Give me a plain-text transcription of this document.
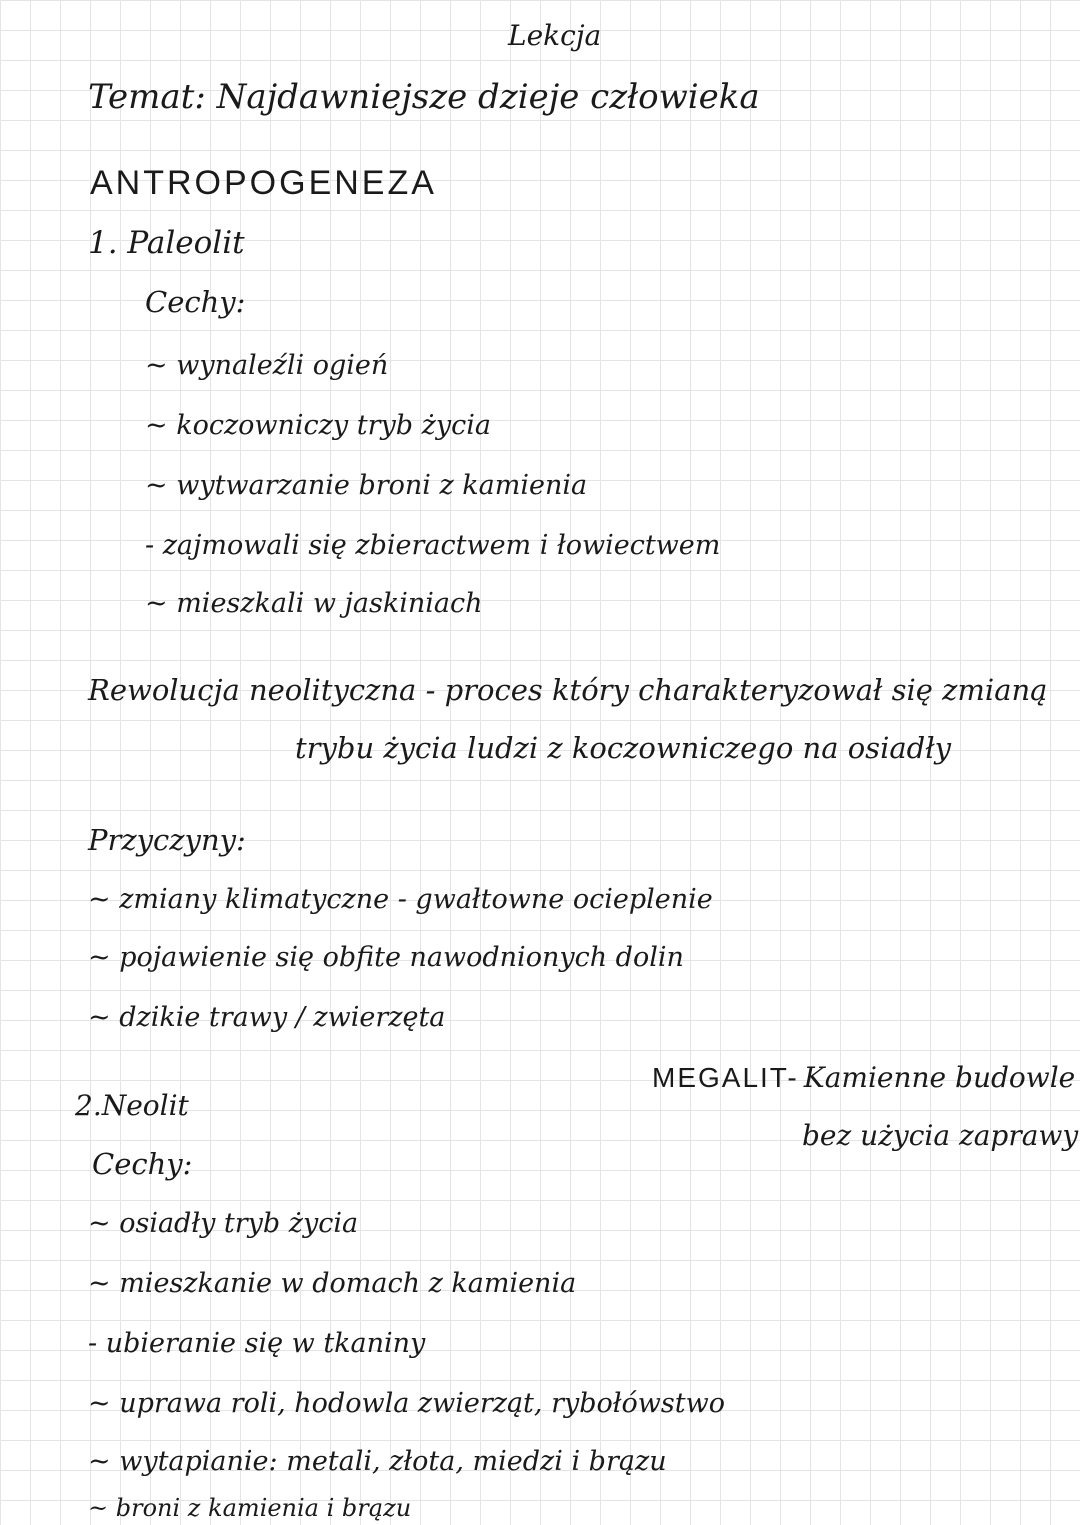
Lekcja
Temat: Najdawniejsze dzieje człowieka
ANTROPOGENEZA
1. Paleolit
Cechy:
~ wynaleźli ogień
~ koczowniczy tryb życia
~ wytwarzanie broni z kamienia
- zajmowali się zbieractwem i łowiectwem
~ mieszkali w jaskiniach
Rewolucja neolityczna - proces który charakteryzował się zmianą
trybu życia ludzi z koczowniczego na osiadły
Przyczyny:
~ zmiany klimatyczne - gwałtowne ocieplenie
~ pojawienie się obfite nawodnionych dolin
~ dzikie trawy / zwierzęta
MEGALIT- Kamienne budowle
bez użycia zaprawy
2.Neolit
Cechy:
~ osiadły tryb życia
~ mieszkanie w domach z kamienia
- ubieranie się w tkaniny
~ uprawa roli, hodowla zwierząt, rybołówstwo
~ wytapianie: metali, złota, miedzi i brązu
~ broni z kamienia i brązu
